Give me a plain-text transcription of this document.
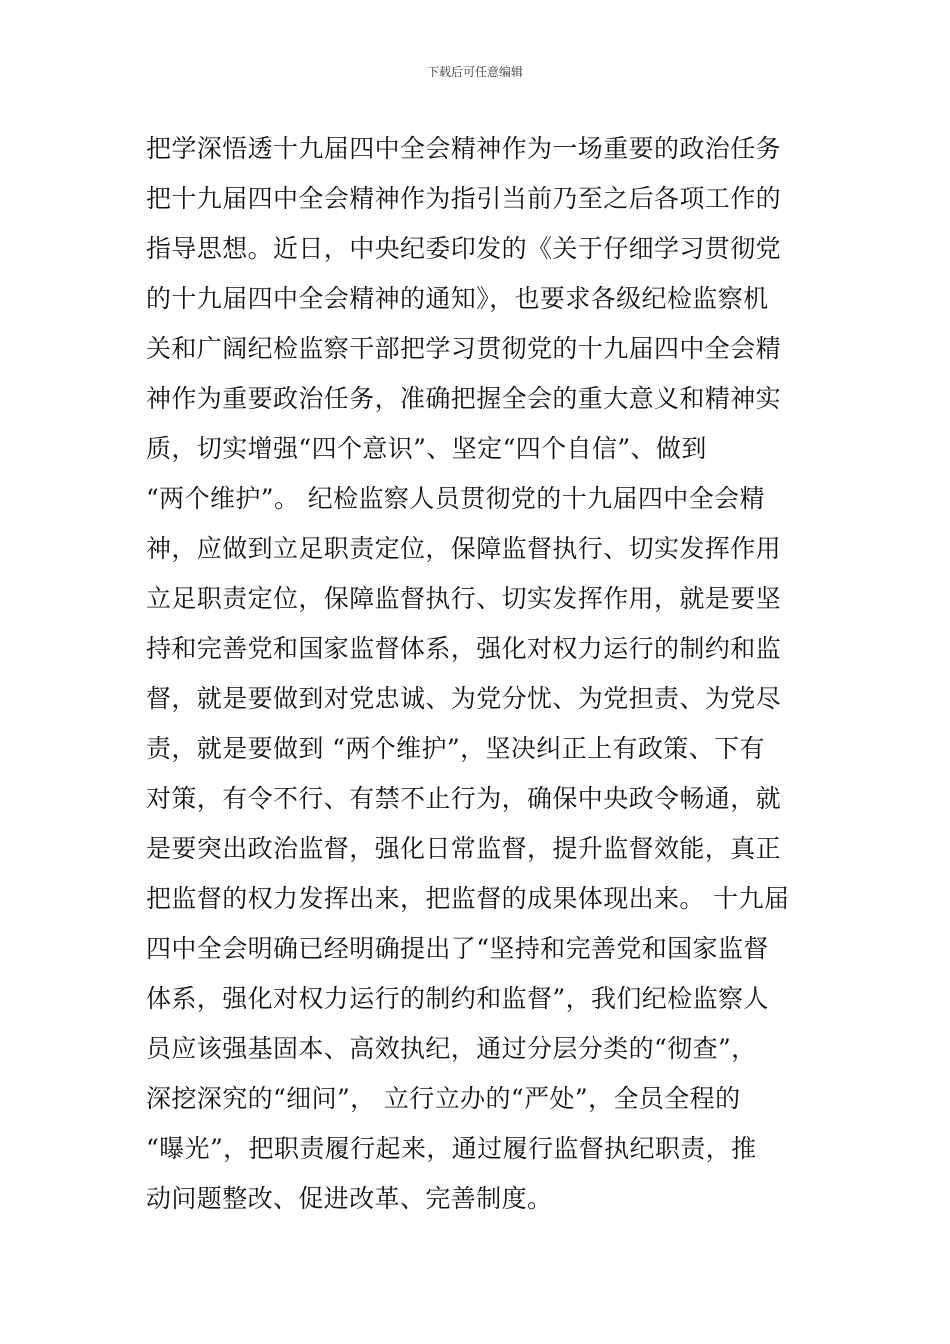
下载后可任意编辑
把学深悟透十九届四中全会精神作为一场重要的政治任务
把十九届四中全会精神作为指引当前乃至之后各项工作的
指导思想。近日，中央纪委印发的《关于仔细学习贯彻党
的十九届四中全会精神的通知》，也要求各级纪检监察机
关和广阔纪检监察干部把学习贯彻党的十九届四中全会精
神作为重要政治任务，准确把握全会的重大意义和精神实
质，切实增强“四个意识”、坚定“四个自信”、做到
“两个维护”。 纪检监察人员贯彻党的十九届四中全会精
神，应做到立足职责定位，保障监督执行、切实发挥作用
立足职责定位，保障监督执行、切实发挥作用，就是要坚
持和完善党和国家监督体系，强化对权力运行的制约和监
督，就是要做到对党忠诚、为党分忧、为党担责、为党尽
责，就是要做到 “两个维护”，坚决纠正上有政策、下有
对策，有令不行、有禁不止行为，确保中央政令畅通，就
是要突出政治监督，强化日常监督，提升监督效能，真正
把监督的权力发挥出来，把监督的成果体现出来。 十九届
四中全会明确已经明确提出了“坚持和完善党和国家监督
体系，强化对权力运行的制约和监督”，我们纪检监察人
员应该强基固本、高效执纪，通过分层分类的“彻查”，
深挖深究的“细问”， 立行立办的“严处”，全员全程的
“曝光”，把职责履行起来，通过履行监督执纪职责，推
动问题整改、促进改革、完善制度。
